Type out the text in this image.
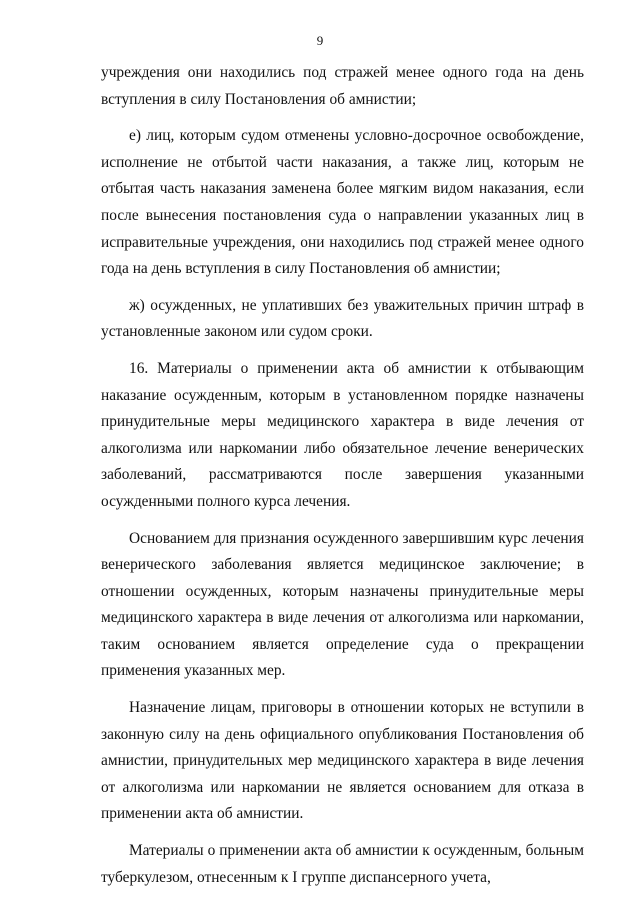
9

учреждения они находились под стражей менее одного года на день вступления в силу Постановления об амнистии;

е) лиц, которым судом отменены условно-досрочное освобождение, исполнение не отбытой части наказания, а также лиц, которым не отбытая часть наказания заменена более мягким видом наказания, если после вынесения постановления суда о направлении указанных лиц в исправительные учреждения, они находились под стражей менее одного года на день вступления в силу Постановления об амнистии;

ж) осужденных, не уплативших без уважительных причин штраф в установленные законом или судом сроки.

16. Материалы о применении акта об амнистии к отбывающим наказание осужденным, которым в установленном порядке назначены принудительные меры медицинского характера в виде лечения от алкоголизма или наркомании либо обязательное лечение венерических заболеваний, рассматриваются после завершения указанными осужденными полного курса лечения.

Основанием для признания осужденного завершившим курс лечения венерического заболевания является медицинское заключение; в отношении осужденных, которым назначены принудительные меры медицинского характера в виде лечения от алкоголизма или наркомании, таким основанием является определение суда о прекращении применения указанных мер.

Назначение лицам, приговоры в отношении которых не вступили в законную силу на день официального опубликования Постановления об амнистии, принудительных мер медицинского характера в виде лечения от алкоголизма или наркомании не является основанием для отказа в применении акта об амнистии.

Материалы о применении акта об амнистии к осужденным, больным туберкулезом, отнесенным к I группе диспансерного учета,
